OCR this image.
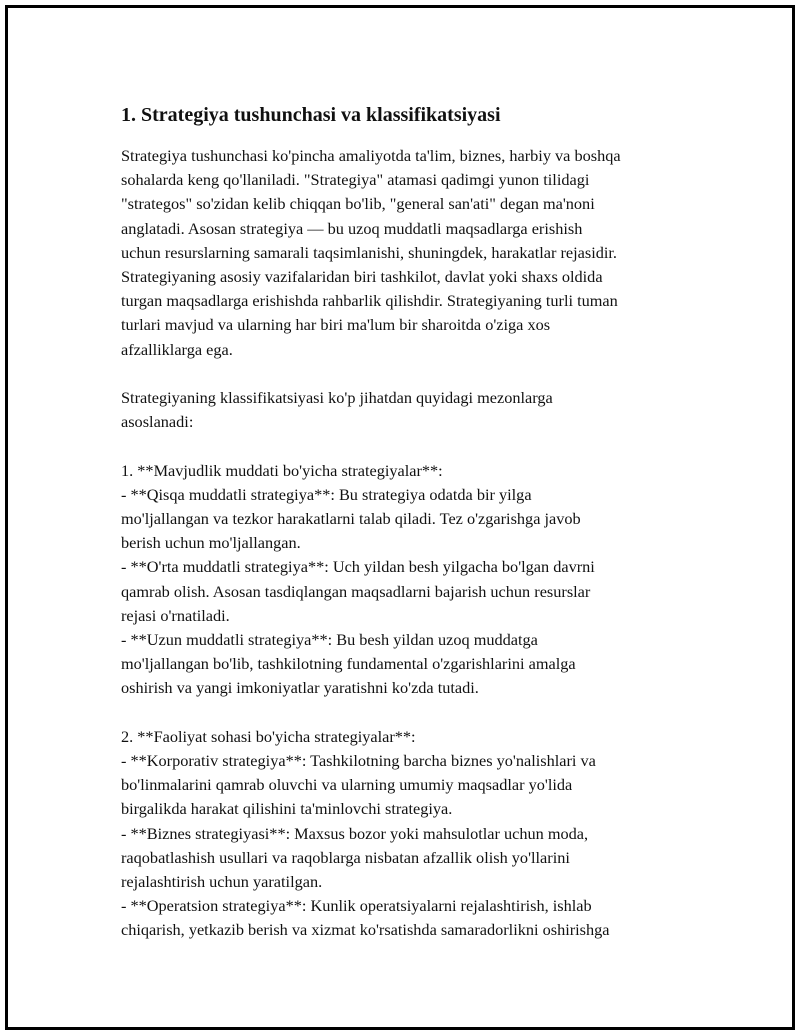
1. Strategiya tushunchasi va klassifikatsiyasi

Strategiya tushunchasi ko'pincha amaliyotda ta'lim, biznes, harbiy va boshqa
sohalarda keng qo'llaniladi. "Strategiya" atamasi qadimgi yunon tilidagi
"strategos" so'zidan kelib chiqqan bo'lib, "general san'ati" degan ma'noni
anglatadi. Asosan strategiya — bu uzoq muddatli maqsadlarga erishish
uchun resurslarning samarali taqsimlanishi, shuningdek, harakatlar rejasidir.
Strategiyaning asosiy vazifalaridan biri tashkilot, davlat yoki shaxs oldida
turgan maqsadlarga erishishda rahbarlik qilishdir. Strategiyaning turli tuman
turlari mavjud va ularning har biri ma'lum bir sharoitda o'ziga xos
afzalliklarga ega.

Strategiyaning klassifikatsiyasi ko'p jihatdan quyidagi mezonlarga
asoslanadi:

1. **Mavjudlik muddati bo'yicha strategiyalar**:
- **Qisqa muddatli strategiya**: Bu strategiya odatda bir yilga
mo'ljallangan va tezkor harakatlarni talab qiladi. Tez o'zgarishga javob
berish uchun mo'ljallangan.
- **O'rta muddatli strategiya**: Uch yildan besh yilgacha bo'lgan davrni
qamrab olish. Asosan tasdiqlangan maqsadlarni bajarish uchun resurslar
rejasi o'rnatiladi.
- **Uzun muddatli strategiya**: Bu besh yildan uzoq muddatga
mo'ljallangan bo'lib, tashkilotning fundamental o'zgarishlarini amalga
oshirish va yangi imkoniyatlar yaratishni ko'zda tutadi.

2. **Faoliyat sohasi bo'yicha strategiyalar**:
- **Korporativ strategiya**: Tashkilotning barcha biznes yo'nalishlari va
bo'linmalarini qamrab oluvchi va ularning umumiy maqsadlar yo'lida
birgalikda harakat qilishini ta'minlovchi strategiya.
- **Biznes strategiyasi**: Maxsus bozor yoki mahsulotlar uchun moda,
raqobatlashish usullari va raqoblarga nisbatan afzallik olish yo'llarini
rejalashtirish uchun yaratilgan.
- **Operatsion strategiya**: Kunlik operatsiyalarni rejalashtirish, ishlab
chiqarish, yetkazib berish va xizmat ko'rsatishda samaradorlikni oshirishga
